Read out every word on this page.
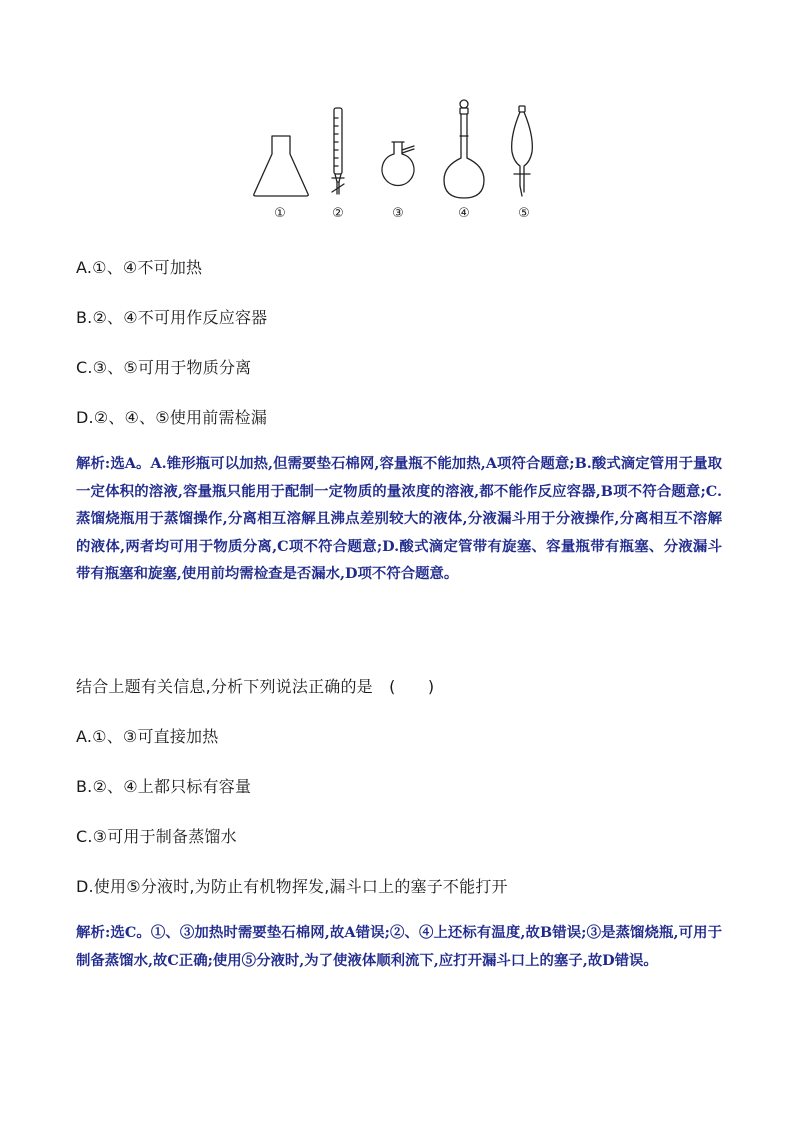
①	②	③	④	⑤
A.①、④不可加热
B.②、④不可用作反应容器
C.③、⑤可用于物质分离
D.②、④、⑤使用前需检漏

解析:选A。A.锥形瓶可以加热,但需要垫石棉网,容量瓶不能加热,A项符合题意;B.酸式滴定管用于量取一定体积的溶液,容量瓶只能用于配制一定物质的量浓度的溶液,都不能作反应容器,B项不符合题意;C.蒸馏烧瓶用于蒸馏操作,分离相互溶解且沸点差别较大的液体,分液漏斗用于分液操作,分离相互不溶解的液体,两者均可用于物质分离,C项不符合题意;D.酸式滴定管带有旋塞、容量瓶带有瓶塞、分液漏斗带有瓶塞和旋塞,使用前均需检查是否漏水,D项不符合题意。

结合上题有关信息,分析下列说法正确的是　(　　)
A.①、③可直接加热
B.②、④上都只标有容量
C.③可用于制备蒸馏水
D.使用⑤分液时,为防止有机物挥发,漏斗口上的塞子不能打开

解析:选C。①、③加热时需要垫石棉网,故A错误;②、④上还标有温度,故B错误;③是蒸馏烧瓶,可用于制备蒸馏水,故C正确;使用⑤分液时,为了使液体顺利流下,应打开漏斗口上的塞子,故D错误。
